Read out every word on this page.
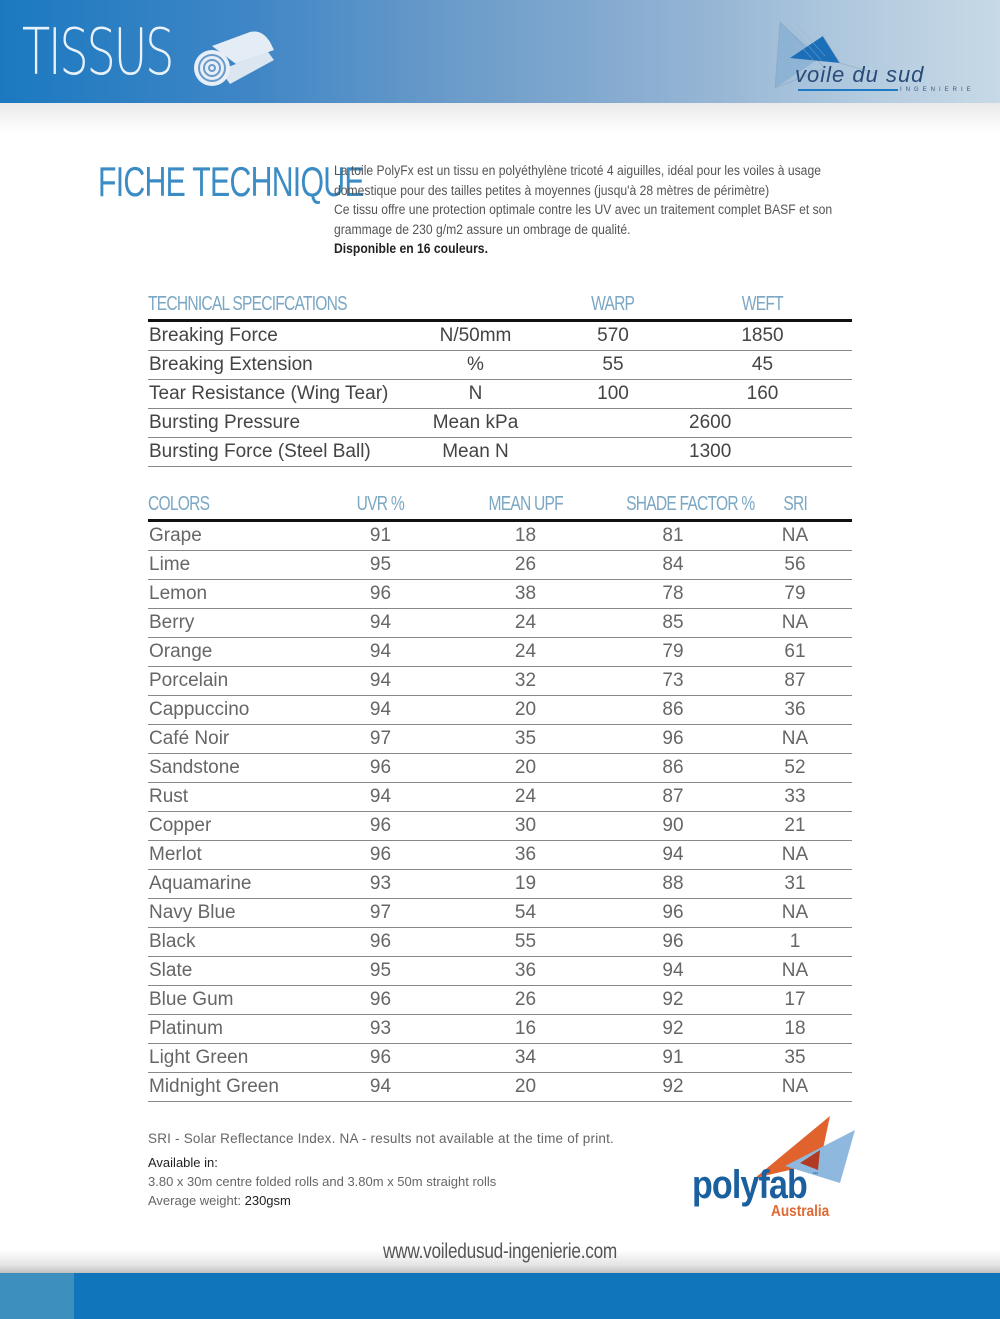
TISSUS	voile du sud
INGENIERIE
FICHE TECHNIQUE

La toile PolyFx est un tissu en polyéthylène tricoté 4 aiguilles, idéal pour les voiles à usage domestique pour des tailles petites à moyennes (jusqu'à 28 mètres de périmètre)

Ce tissu offre une protection optimale contre les UV avec un traitement complet BASF et son grammage de 230 g/m2 assure un ombrage de qualité.

Disponible en 16 couleurs.

TECHNICAL SPECIFCATIONS		WARP	WEFT
Breaking Force	N/50mm	570	1850
Breaking Extension	%	55	45
Tear Resistance (Wing Tear)	N	100	160
Bursting Pressure	Mean kPa	2600	
Bursting Force (Steel Ball)	Mean N	1300	
COLORS	UVR %	MEAN UPF	SHADE FACTOR %	SRI
Grape	91	18	81	NA
Lime	95	26	84	56
Lemon	96	38	78	79
Berry	94	24	85	NA
Orange	94	24	79	61
Porcelain	94	32	73	87
Cappuccino	94	20	86	36
Café Noir	97	35	96	NA
Sandstone	96	20	86	52
Rust	94	24	87	33
Copper	96	30	90	21
Merlot	96	36	94	NA
Aquamarine	93	19	88	31
Navy Blue	97	54	96	NA
Black	96	55	96	1
Slate	95	36	94	NA
Blue Gum	96	26	92	17
Platinum	93	16	92	18
Light Green	96	34	91	35
Midnight Green	94	20	92	NA
SRI - Solar Reflectance Index. NA - results not available at the time of print.
Available in:
3.80 x 30m centre folded rolls and 3.80m x 50m straight rolls
Average weight: 230gsm	polyfab ™
Australia
www.voiledusud-ingenierie.com
